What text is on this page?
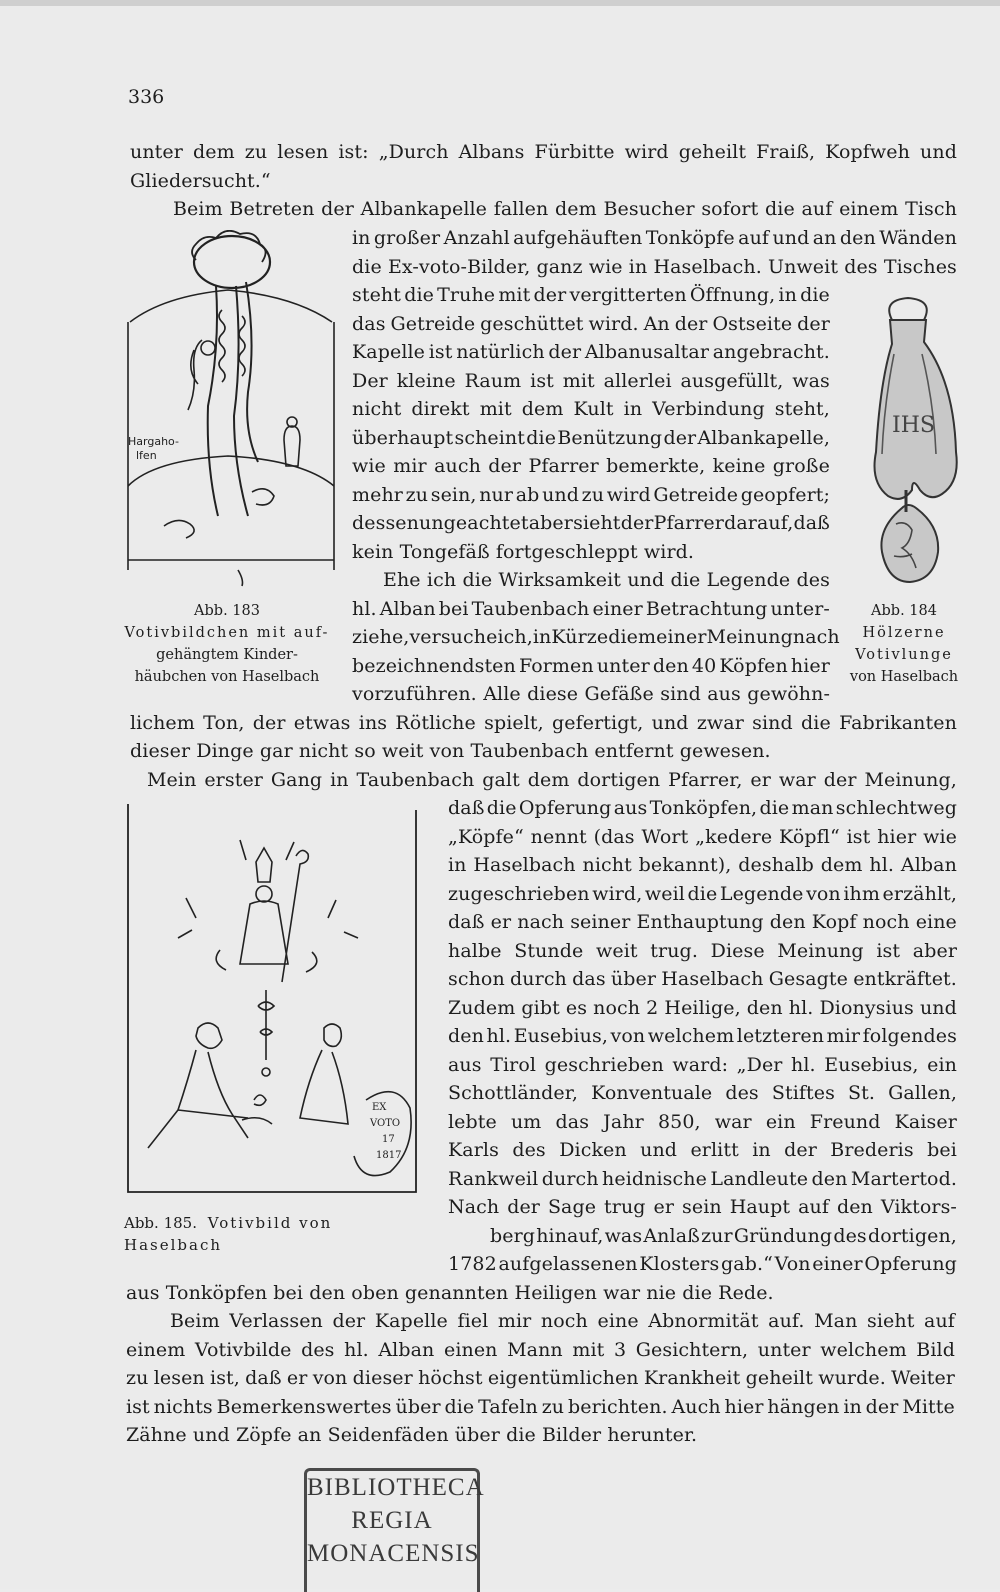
336
unter dem zu lesen ist: „Durch Albans Fürbitte wird geheilt Fraiß, Kopfweh und
Gliedersucht.“
Beim Betreten der Albankapelle fallen dem Besucher sofort die auf einem Tisch
in großer Anzahl aufgehäuften Tonköpfe auf und an den Wänden
die Ex-voto-Bilder, ganz wie in Haselbach. Unweit des Tisches
steht die Truhe mit der vergitterten Öffnung, in die
das Getreide geschüttet wird. An der Ostseite der
Kapelle ist natürlich der Albanusaltar angebracht.
Der kleine Raum ist mit allerlei ausgefüllt, was
nicht direkt mit dem Kult in Verbindung steht,
überhaupt scheint die Benützung der Albankapelle,
wie mir auch der Pfarrer bemerkte, keine große
mehr zu sein, nur ab und zu wird Getreide geopfert;
dessenungeachtet aber sieht der Pfarrer darauf, daß
kein Tongefäß fortgeschleppt wird.
Ehe ich die Wirksamkeit und die Legende des
hl. Alban bei Taubenbach einer Betrachtung unter-
ziehe, versuche ich, in Kürze die meiner Meinung nach
bezeichnendsten Formen unter den 40 Köpfen hier
vorzuführen. Alle diese Gefäße sind aus gewöhn-
lichem Ton, der etwas ins Rötliche spielt, gefertigt, und zwar sind die Fabrikanten
dieser Dinge gar nicht so weit von Taubenbach entfernt gewesen.
Mein erster Gang in Taubenbach galt dem dortigen Pfarrer, er war der Meinung,
daß die Opferung aus Tonköpfen, die man schlechtweg
„Köpfe“ nennt (das Wort „kedere Köpfl“ ist hier wie
in Haselbach nicht bekannt), deshalb dem hl. Alban
zugeschrieben wird, weil die Legende von ihm erzählt,
daß er nach seiner Enthauptung den Kopf noch eine
halbe Stunde weit trug. Diese Meinung ist aber
schon durch das über Haselbach Gesagte entkräftet.
Zudem gibt es noch 2 Heilige, den hl. Dionysius und
den hl. Eusebius, von welchem letzteren mir folgendes
aus Tirol geschrieben ward: „Der hl. Eusebius, ein
Schottländer, Konventuale des Stiftes St. Gallen,
lebte um das Jahr 850, war ein Freund Kaiser
Karls des Dicken und erlitt in der Brederis bei
Rankweil durch heidnische Landleute den Martertod.
Nach der Sage trug er sein Haupt auf den Viktors-
berg hinauf, was Anlaß zur Gründung des dortigen,
1782 aufgelassenen Klosters gab.“ Von einer Opferung
aus Tonköpfen bei den oben genannten Heiligen war nie die Rede.
Beim Verlassen der Kapelle fiel mir noch eine Abnormität auf. Man sieht auf
einem Votivbilde des hl. Alban einen Mann mit 3 Gesichtern, unter welchem Bild
zu lesen ist, daß er von dieser höchst eigentümlichen Krankheit geheilt wurde. Weiter
ist nichts Bemerkenswertes über die Tafeln zu berichten. Auch hier hängen in der Mitte
Zähne und Zöpfe an Seidenfäden über die Bilder herunter.
Hargaho-
lfen
Abb. 183
Votivbildchen mit auf-
gehängtem Kinder-
häubchen von Haselbach
IHS
Abb. 184
Hölzerne
Votivlunge
von Haselbach
EX
VOTO
17
1817
Abb. 185. Votivbild von Haselbach
BIBLIOTHECA
REGIA
MONACENSIS
